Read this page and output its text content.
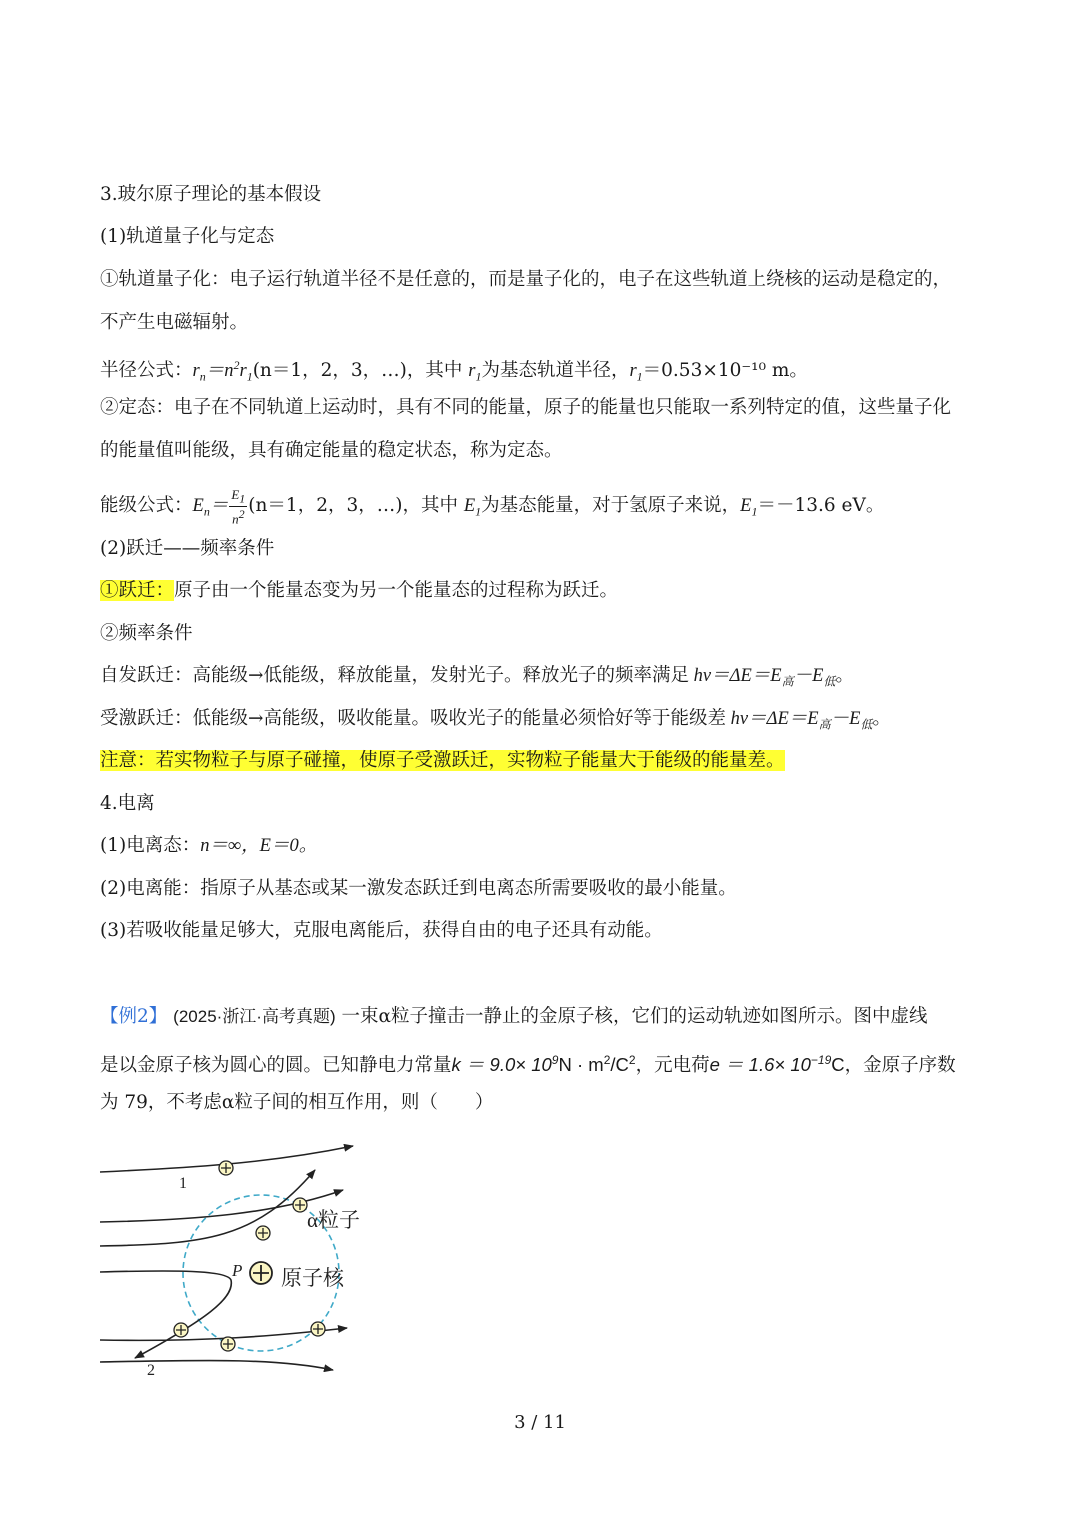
3.玻尔原子理论的基本假设
(1)轨道量子化与定态
①轨道量子化：电子运行轨道半径不是任意的，而是量子化的，电子在这些轨道上绕核的运动是稳定的，
不产生电磁辐射。
半径公式：$r_n=n^2r_1(n=1$，2，3，…)，其中 $r_1$为基态轨道半径，$r_1=0.53\times 10^{-10}$ m。
②定态：电子在不同轨道上运动时，具有不同的能量，原子的能量也只能取一系列特定的值，这些量子化
的能量值叫能级，具有确定能量的稳定状态，称为定态。
能级公式：$E_n= \frac{E_1}{n^2} (n=1$，2，3，…)，其中 $E_1$为基态能量，对于氢原子来说，$E_1=-13.6$ eV。
(2)跃迁——频率条件
①跃迁：原子由一个能量态变为另一个能量态的过程称为跃迁。
②频率条件
自发跃迁：高能级→低能级，释放能量，发射光子。释放光子的频率满足 $h\nu=\Delta E=E_高-E_低$。
受激跃迁：低能级→高能级，吸收能量。吸收光子的能量必须恰好等于能级差 $h\nu=\Delta E=E_高-E_低$。
注意：若实物粒子与原子碰撞，使原子受激跃迁，实物粒子能量大于能级的能量差。
4.电离
(1)电离态：n＝∞，E＝0。
(2)电离能：指原子从基态或某一激发态跃迁到电离态所需要吸收的最小能量。
(3)若吸收能量足够大，克服电离能后，获得自由的电子还具有动能。
【例2】 (2025·浙江·高考真题) 一束α粒子撞击一静止的金原子核，它们的运动轨迹如图所示。图中虚线
是以金原子核为圆心的圆。已知静电力常量$k = 9.0\times 10^9N \cdot m^2/C^2$，元电荷$e = 1.6\times 10^{-19}C$，金原子序数
为 79，不考虑α粒子间的相互作用，则（　　）
1
2
P
α粒子
原子核
3 / 11
